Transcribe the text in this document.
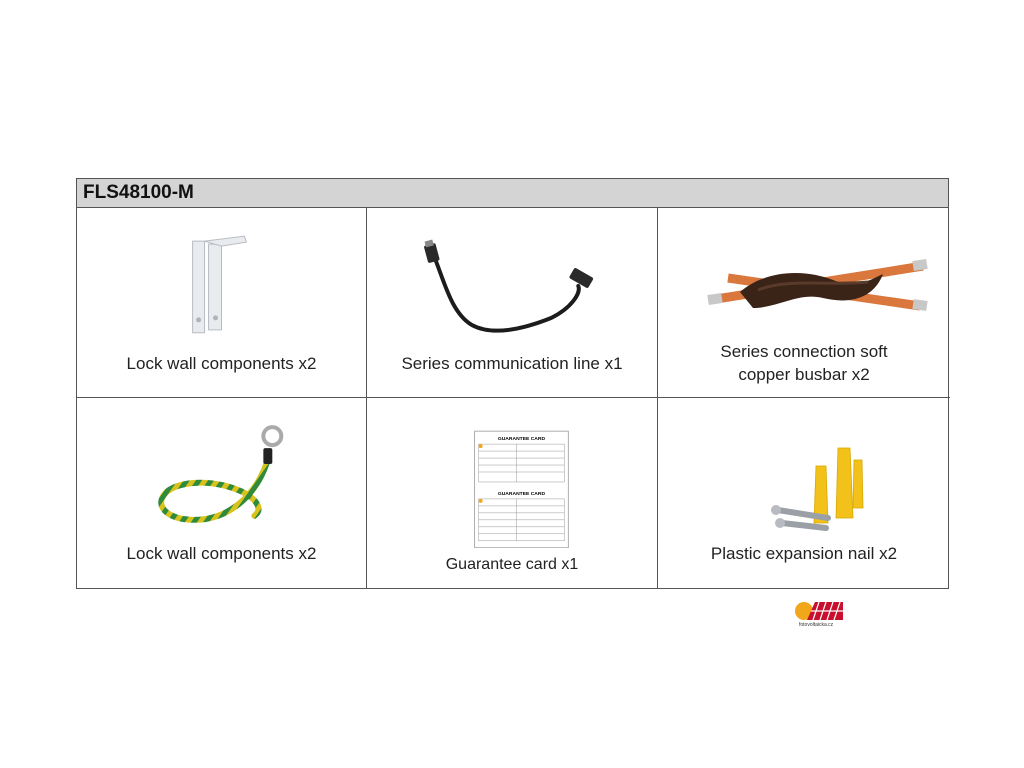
FLS48100-M
Lock wall components x2	Series communication line x1
Series connection soft
copper busbar x2
Lock wall components x2
GUARANTEE CARD
GUARANTEE CARD
Guarantee card x1
Plastic expansion nail x2
fotovoltaicka.cz
